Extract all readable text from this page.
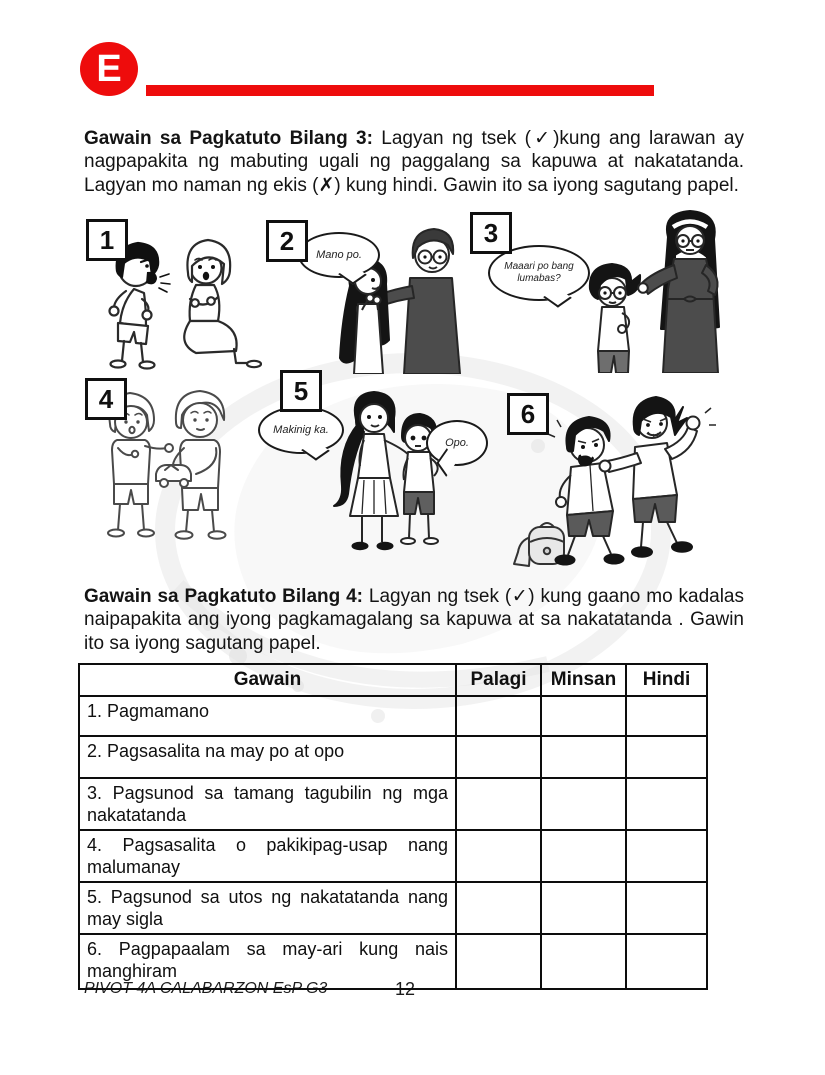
E

Gawain sa Pagkatuto Bilang 3: Lagyan ng tsek (✓)kung ang larawan ay nagpapakita ng mabuting ugali ng paggalang sa kapuwa at nakatatanda. Lagyan mo naman ng ekis (✗) kung hindi. Gawin ito sa iyong sagutang papel.

1	2	Mano po.
3
Maaari po bang lumabas?
4	5
Makinig ka.
Opo.
6

Gawain sa Pagkatuto Bilang 4: Lagyan ng tsek (✓) kung gaano mo kadalas naipapakita ang iyong pagkamagalang sa kapuwa at sa nakatatanda . Gawin ito sa iyong sagutang papel.

Gawain	Palagi	Minsan	Hindi
1. Pagmamano			
2. Pagsasalita na may po at opo			
3. Pagsunod sa tamang tagubilin ng mga nakatatanda			
4. Pagsasalita o pakikipag-usap nang malumanay			
5. Pagsunod sa utos ng nakatatanda nang may sigla			
6. Pagpapaalam sa may-ari kung nais manghiram			
PIVOT 4A CALABARZON EsP G3	12
